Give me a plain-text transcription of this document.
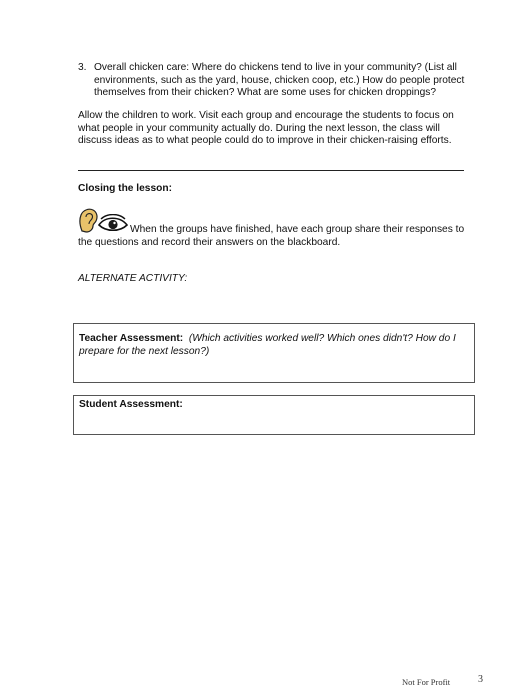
3. Overall chicken care: Where do chickens tend to live in your community? (List all environments, such as the yard, house, chicken coop, etc.) How do people protect themselves from their chicken? What are some uses for chicken droppings?
Allow the children to work. Visit each group and encourage the students to focus on what people in your community actually do. During the next lesson, the class will discuss ideas as to what people could do to improve in their chicken-raising efforts.
Closing the lesson:
When the groups have finished, have each group share their responses to the questions and record their answers on the blackboard.
ALTERNATE ACTIVITY:
Teacher Assessment: (Which activities worked well? Which ones didn't? How do I prepare for the next lesson?)
Student Assessment:
Not For Profit	3
